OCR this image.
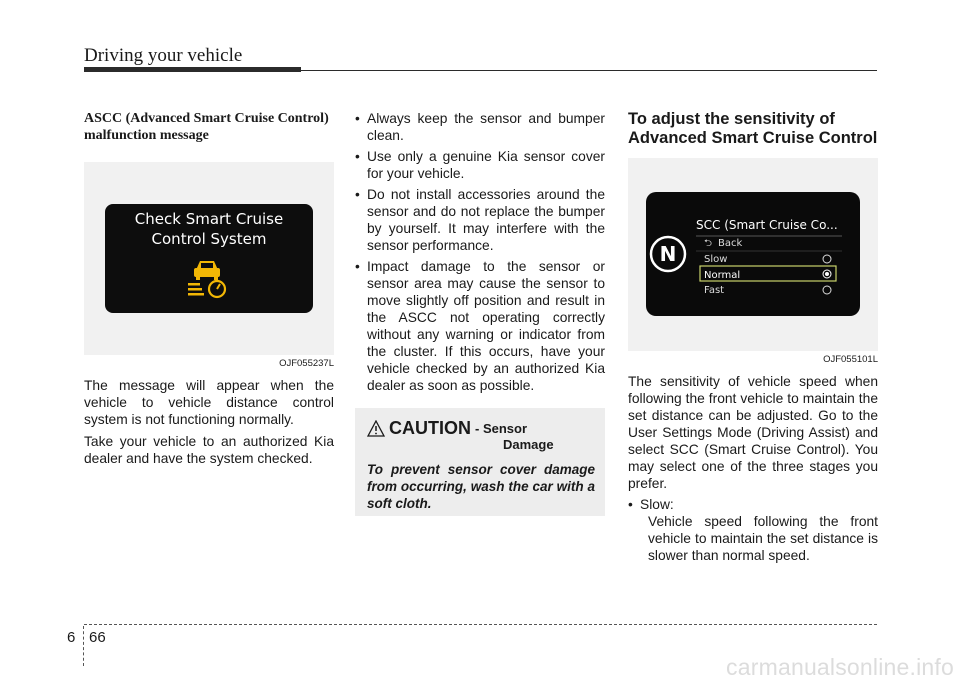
Driving your vehicle
ASCC (Advanced Smart Cruise Control) malfunction message
Check Smart Cruise
Control System
OJF055237L

The message will appear when the vehicle to vehicle distance control system is not functioning normally.

Take your vehicle to an authorized Kia dealer and have the system checked.

• Always keep the sensor and bumper clean.
• Use only a genuine Kia sensor cover for your vehicle.
• Do not install accessories around the sensor and do not replace the bumper by yourself. It may interfere with the sensor performance.
• Impact damage to the sensor or sensor area may cause the sensor to move slightly off position and result in the ASCC not operating correctly without any warning or indicator from the cluster. If this occurs, have your vehicle checked by an authorized Kia dealer as soon as possible.
CAUTION - Sensor
Damage

To prevent sensor cover damage from occurring, wash the car with a soft cloth.

To adjust the sensitivity of
Advanced Smart Cruise Control
N
SCC (Smart Cruise Co...
⮌ Back
Slow
Normal
Fast
OJF055101L

The sensitivity of vehicle speed when following the front vehicle to maintain the set distance can be adjusted. Go to the User Settings Mode (Driving Assist) and select SCC (Smart Cruise Control). You may select one of the three stages you prefer.

• Slow:
Vehicle speed following the front vehicle to maintain the set distance is slower than normal speed.
6 66
carmanualsonline.info
